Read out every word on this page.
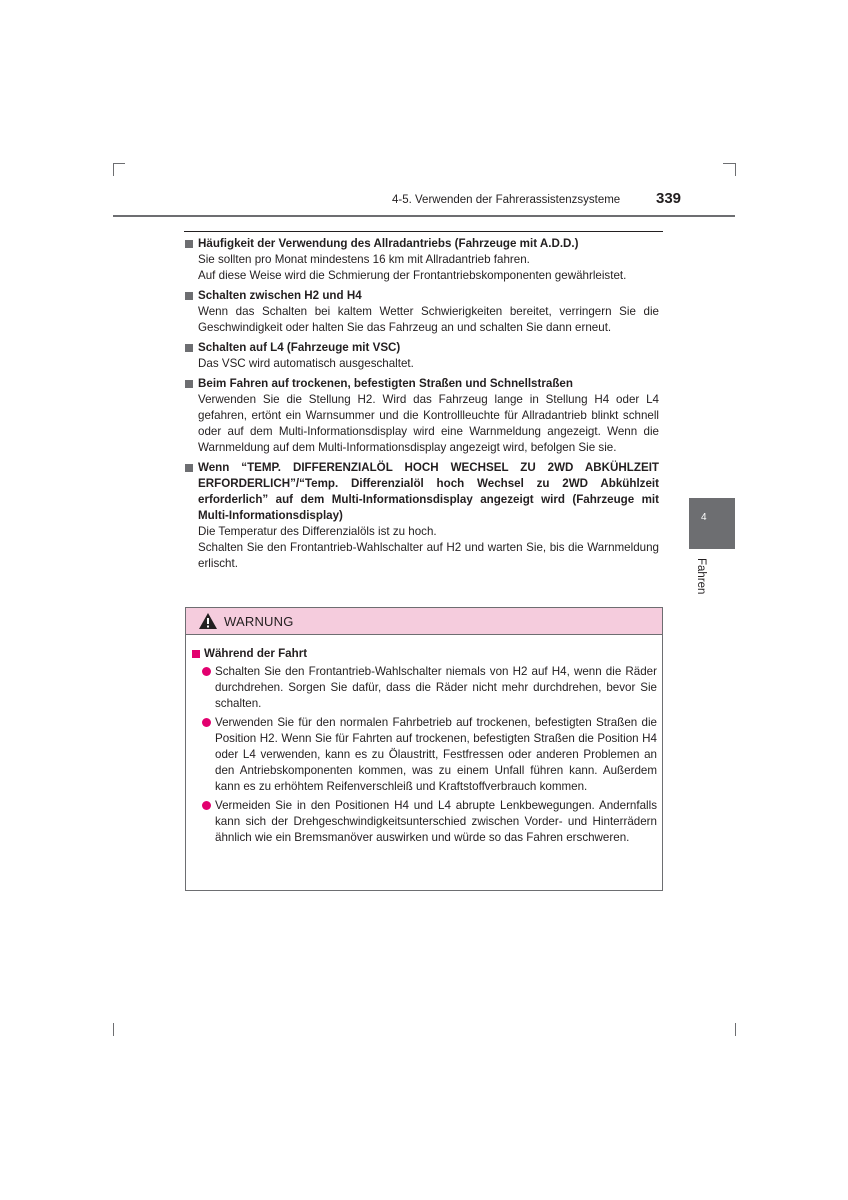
4-5. Verwenden der Fahrerassistenzsysteme 339
Häufigkeit der Verwendung des Allradantriebs (Fahrzeuge mit A.D.D.)

Sie sollten pro Monat mindestens 16 km mit Allradantrieb fahren.

Auf diese Weise wird die Schmierung der Frontantriebskomponenten gewährleistet.

Schalten zwischen H2 und H4

Wenn das Schalten bei kaltem Wetter Schwierigkeiten bereitet, verringern Sie die Geschwindigkeit oder halten Sie das Fahrzeug an und schalten Sie dann erneut.

Schalten auf L4 (Fahrzeuge mit VSC)

Das VSC wird automatisch ausgeschaltet.

Beim Fahren auf trockenen, befestigten Straßen und Schnellstraßen

Verwenden Sie die Stellung H2. Wird das Fahrzeug lange in Stellung H4 oder L4 gefahren, ertönt ein Warnsummer und die Kontrollleuchte für Allradantrieb blinkt schnell oder auf dem Multi-Informationsdisplay wird eine Warnmeldung angezeigt. Wenn die Warnmeldung auf dem Multi-Informationsdisplay angezeigt wird, befolgen Sie sie.

Wenn “TEMP. DIFFERENZIALÖL HOCH WECHSEL ZU 2WD ABKÜHLZEIT ERFORDERLICH”/“Temp. Differenzialöl hoch Wechsel zu 2WD Abkühlzeit erforderlich” auf dem Multi-Informationsdisplay angezeigt wird (Fahrzeuge mit Multi-Informationsdisplay)

Die Temperatur des Differenzialöls ist zu hoch.

Schalten Sie den Frontantrieb-Wahlschalter auf H2 und warten Sie, bis die Warnmeldung erlischt.

WARNUNG
Während der Fahrt
Schalten Sie den Frontantrieb-Wahlschalter niemals von H2 auf H4, wenn die Räder durchdrehen. Sorgen Sie dafür, dass die Räder nicht mehr durchdrehen, bevor Sie schalten.
Verwenden Sie für den normalen Fahrbetrieb auf trockenen, befestigten Straßen die Position H2. Wenn Sie für Fahrten auf trockenen, befestigten Straßen die Position H4 oder L4 verwenden, kann es zu Ölaustritt, Festfressen oder anderen Problemen an den Antriebskomponenten kommen, was zu einem Unfall führen kann. Außerdem kann es zu erhöhtem Reifenverschleiß und Kraftstoffverbrauch kommen.
Vermeiden Sie in den Positionen H4 und L4 abrupte Lenkbewegungen. Andernfalls kann sich der Drehgeschwindigkeitsunterschied zwischen Vorder- und Hinterrädern ähnlich wie ein Bremsmanöver auswirken und würde so das Fahren erschweren.
4
Fahren
